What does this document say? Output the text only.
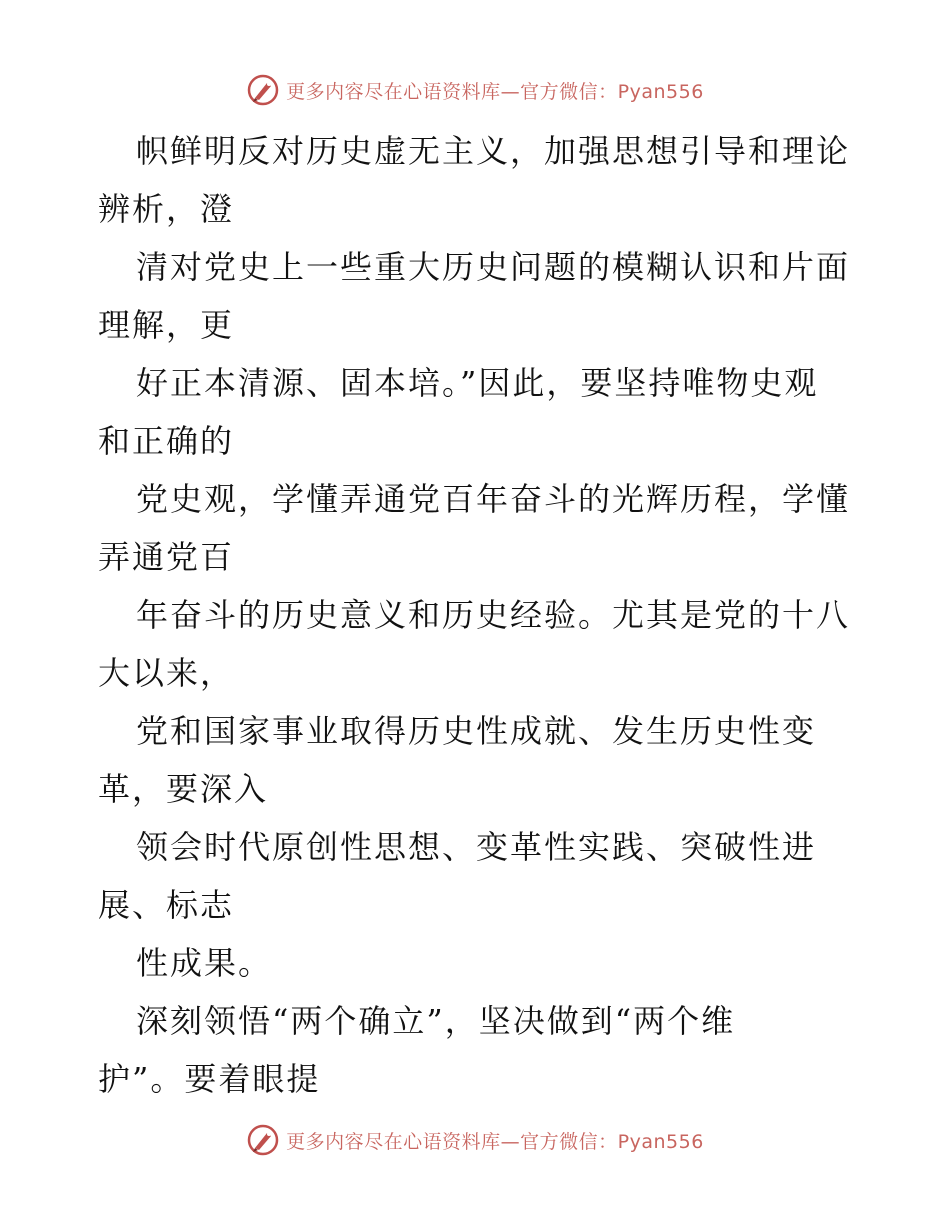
更多内容尽在心语资料库—官方微信：Pyan556
帜鲜明反对历史虚无主义，加强思想引导和理论
辨析，澄
清对党史上一些重大历史问题的模糊认识和片面
理解，更
好正本清源、固本培。”因此，要坚持唯物史观
和正确的
党史观，学懂弄通党百年奋斗的光辉历程，学懂
弄通党百
年奋斗的历史意义和历史经验。尤其是党的十八
大以来，
党和国家事业取得历史性成就、发生历史性变
革，要深入
领会时代原创性思想、变革性实践、突破性进
展、标志
性成果。
深刻领悟“两个确立”，坚决做到“两个维
护”。要着眼提
更多内容尽在心语资料库—官方微信：Pyan556
